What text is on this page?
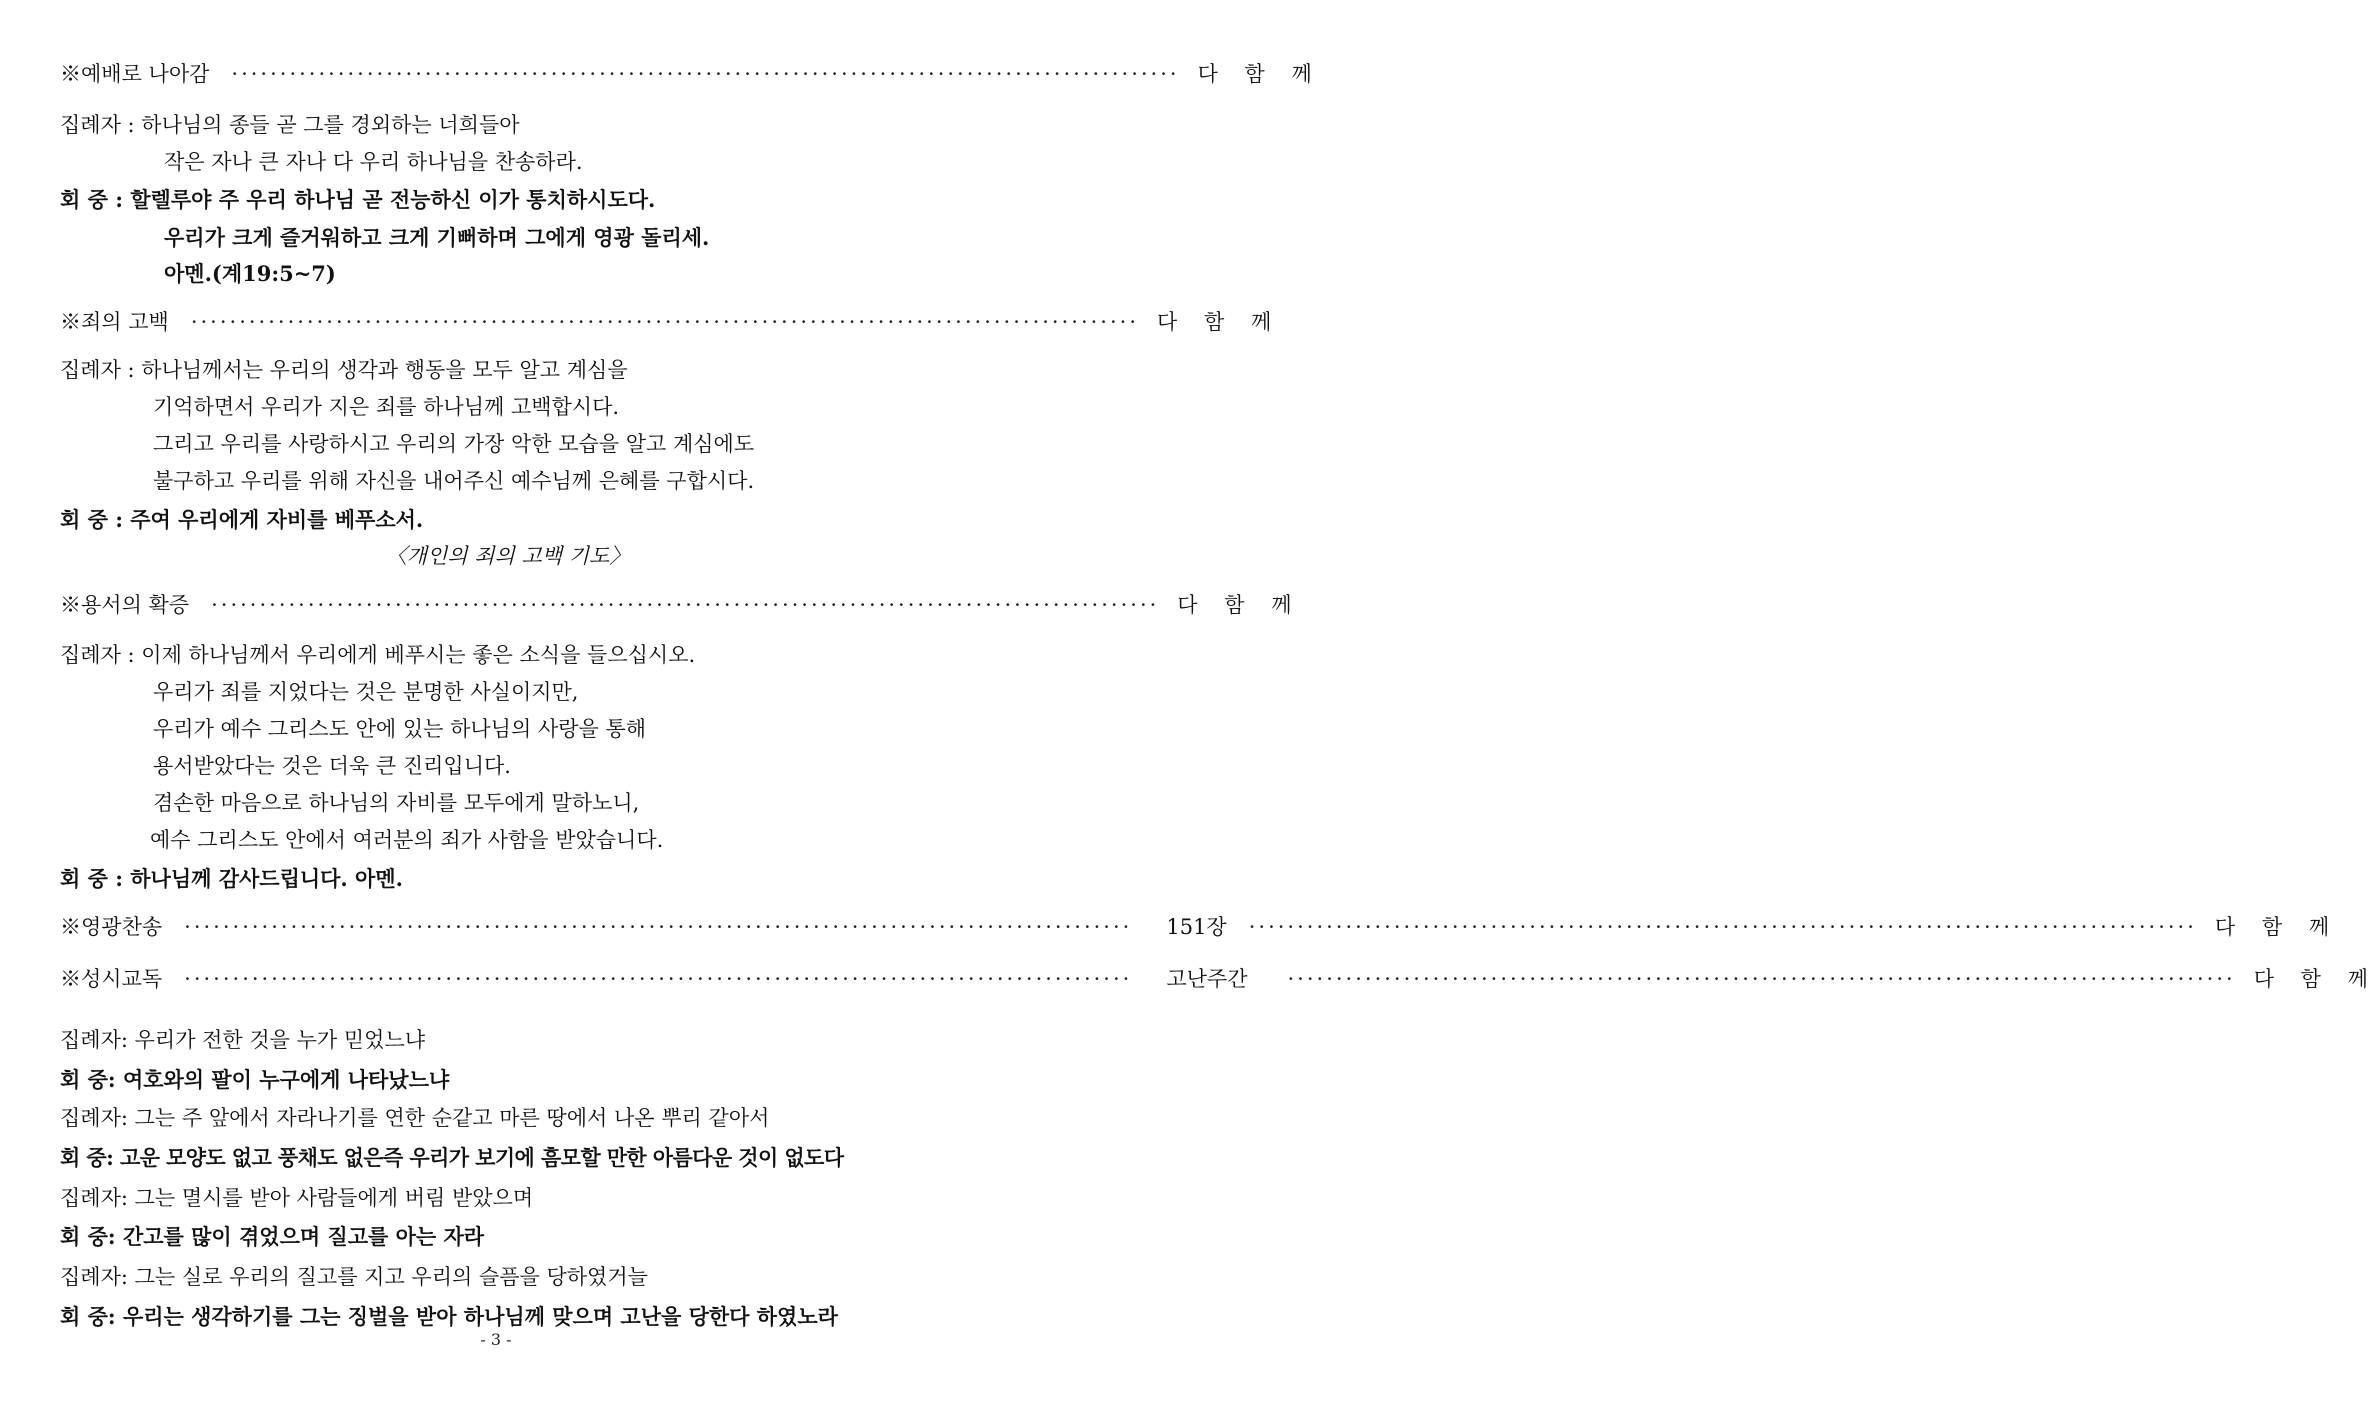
※예배로 나아감 ·································································································· 다 함 께
집례자 : 하나님의 종들 곧 그를 경외하는 너희들아
작은 자나 큰 자나 다 우리 하나님을 찬송하라.
회 중 : 할렐루야 주 우리 하나님 곧 전능하신 이가 통치하시도다.
우리가 크게 즐거워하고 크게 기뻐하며 그에게 영광 돌리세.
아멘.(계19:5~7)
※죄의 고백 ·································································································· 다 함 께
집례자 : 하나님께서는 우리의 생각과 행동을 모두 알고 계심을
기억하면서 우리가 지은 죄를 하나님께 고백합시다.
그리고 우리를 사랑하시고 우리의 가장 악한 모습을 알고 계심에도
불구하고 우리를 위해 자신을 내어주신 예수님께 은혜를 구합시다.
회 중 : 주여 우리에게 자비를 베푸소서.
〈개인의 죄의 고백 기도〉
※용서의 확증 ·································································································· 다 함 께
집례자 : 이제 하나님께서 우리에게 베푸시는 좋은 소식을 들으십시오.
우리가 죄를 지었다는 것은 분명한 사실이지만,
우리가 예수 그리스도 안에 있는 하나님의 사랑을 통해
용서받았다는 것은 더욱 큰 진리입니다.
겸손한 마음으로 하나님의 자비를 모두에게 말하노니,
예수 그리스도 안에서 여러분의 죄가 사함을 받았습니다.
회 중 : 하나님께 감사드립니다. 아멘.
※영광찬송 ·································································································· 151장 ·································································································· 다 함 께
※성시교독 ·································································································· 고난주간 ·································································································· 다 함 께
집례자: 우리가 전한 것을 누가 믿었느냐
회 중: 여호와의 팔이 누구에게 나타났느냐
집례자: 그는 주 앞에서 자라나기를 연한 순같고 마른 땅에서 나온 뿌리 같아서
회 중: 고운 모양도 없고 풍채도 없은즉 우리가 보기에 흠모할 만한 아름다운 것이 없도다
집례자: 그는 멸시를 받아 사람들에게 버림 받았으며
회 중: 간고를 많이 겪었으며 질고를 아는 자라
집례자: 그는 실로 우리의 질고를 지고 우리의 슬픔을 당하였거늘
회 중: 우리는 생각하기를 그는 징벌을 받아 하나님께 맞으며 고난을 당한다 하였노라
- 3 -
